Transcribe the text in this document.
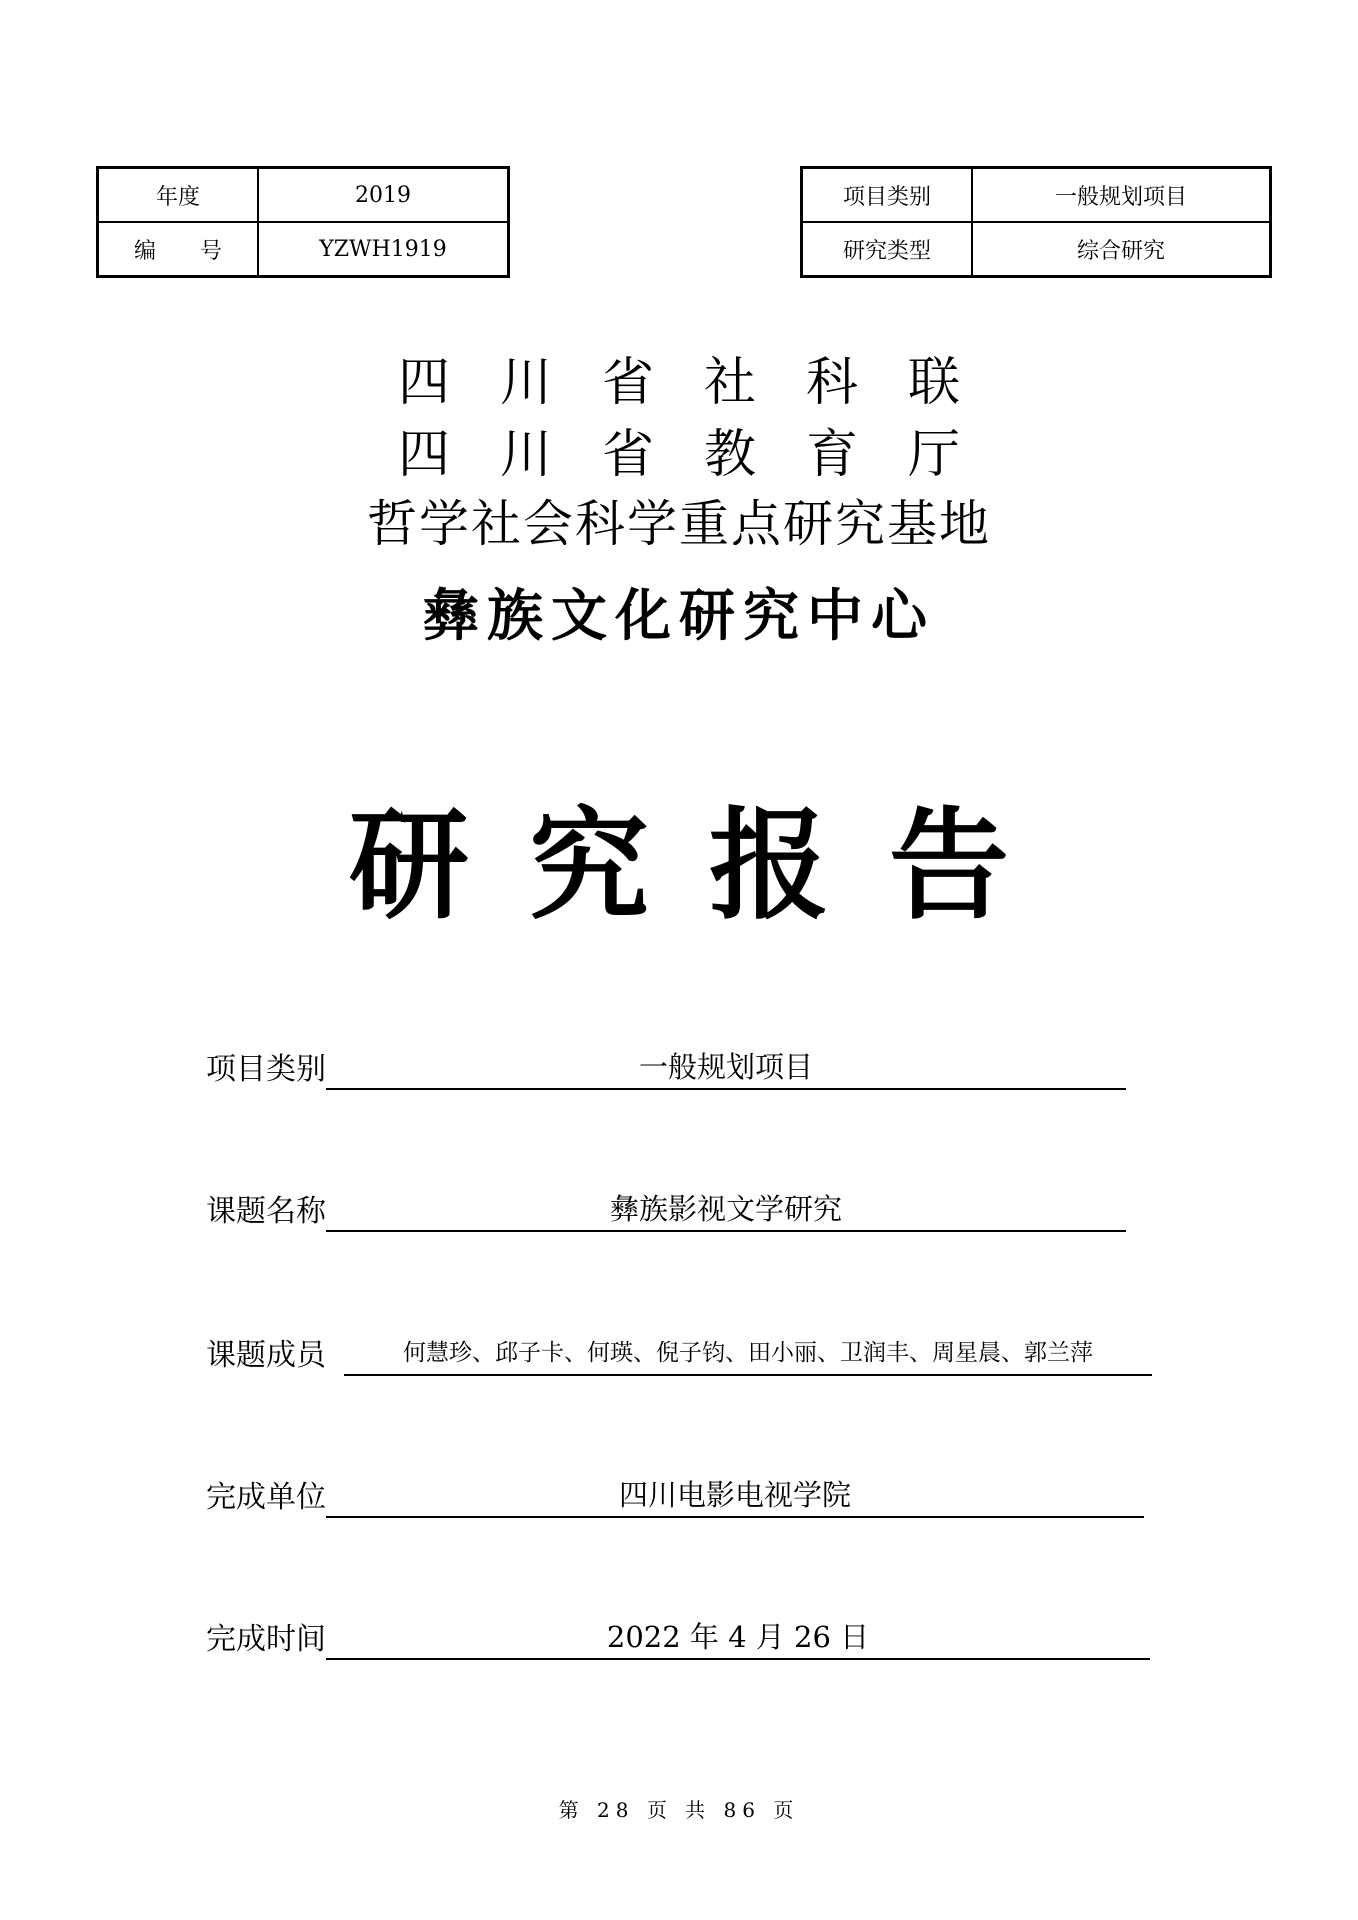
年度	2019
编　　号	YZWH1919
项目类别	一般规划项目
研究类型	综合研究
四川省社科联
四川省教育厅
哲学社会科学重点研究基地
彝族文化研究中心
研究报告
项目类别	一般规划项目
课题名称	彝族影视文学研究
课题成员	何慧珍、邱子卡、何瑛、倪子钧、田小丽、卫润丰、周星晨、郭兰萍
完成单位	四川电影电视学院
完成时间	2022 年 4 月 26 日
第 28 页 共 86 页
